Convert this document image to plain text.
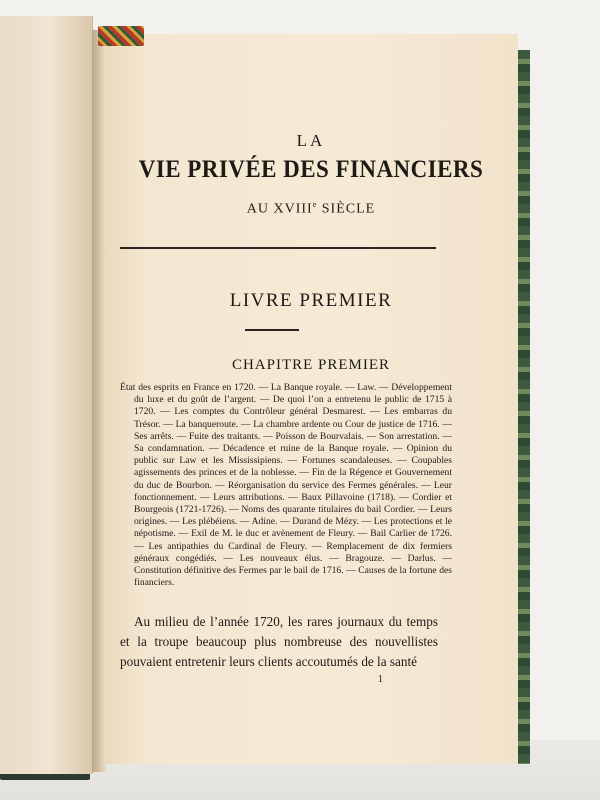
LA
VIE PRIVÉE DES FINANCIERS
AU XVIIIe SIÈCLE
LIVRE PREMIER
CHAPITRE PREMIER
État des esprits en France en 1720. — La Banque royale. — Law. — Développement du luxe et du goût de l’argent. — De quoi l’on a entretenu le public de 1715 à 1720. — Les comptes du Contrôleur général Desmarest. — Les embarras du Trésor. — La banqueroute. — La chambre ardente ou Cour de justice de 1716. — Ses arrêts. — Fuite des traitants. — Poisson de Bourvalais. — Son arrestation. — Sa condamnation. — Décadence et ruine de la Banque royale. — Opinion du public sur Law et les Mississipiens. — Fortunes scandaleuses. — Coupables agissements des princes et de la noblesse. — Fin de la Régence et Gouvernement du duc de Bourbon. — Réorganisation du service des Fermes générales. — Leur fonctionnement. — Leurs attributions. — Baux Pillavoine (1718). — Cordier et Bourgeois (1721-1726). — Noms des quarante titulaires du bail Cordier. — Leurs origines. — Les plébéiens. — Adine. — Durand de Mézy. — Les protections et le népotisme. — Exil de M. le duc et avènement de Fleury. — Bail Carlier de 1726. — Les antipathies du Cardinal de Fleury. — Remplacement de dix fermiers généraux congédiés. — Les nouveaux élus. — Bragouze. — Darlus. — Constitution définitive des Fermes par le bail de 1716. — Causes de la fortune des financiers.
Au milieu de l’année 1720, les rares journaux du temps et la troupe beaucoup plus nombreuse des nouvellistes pouvaient entretenir leurs clients accoutumés de la santé
1
